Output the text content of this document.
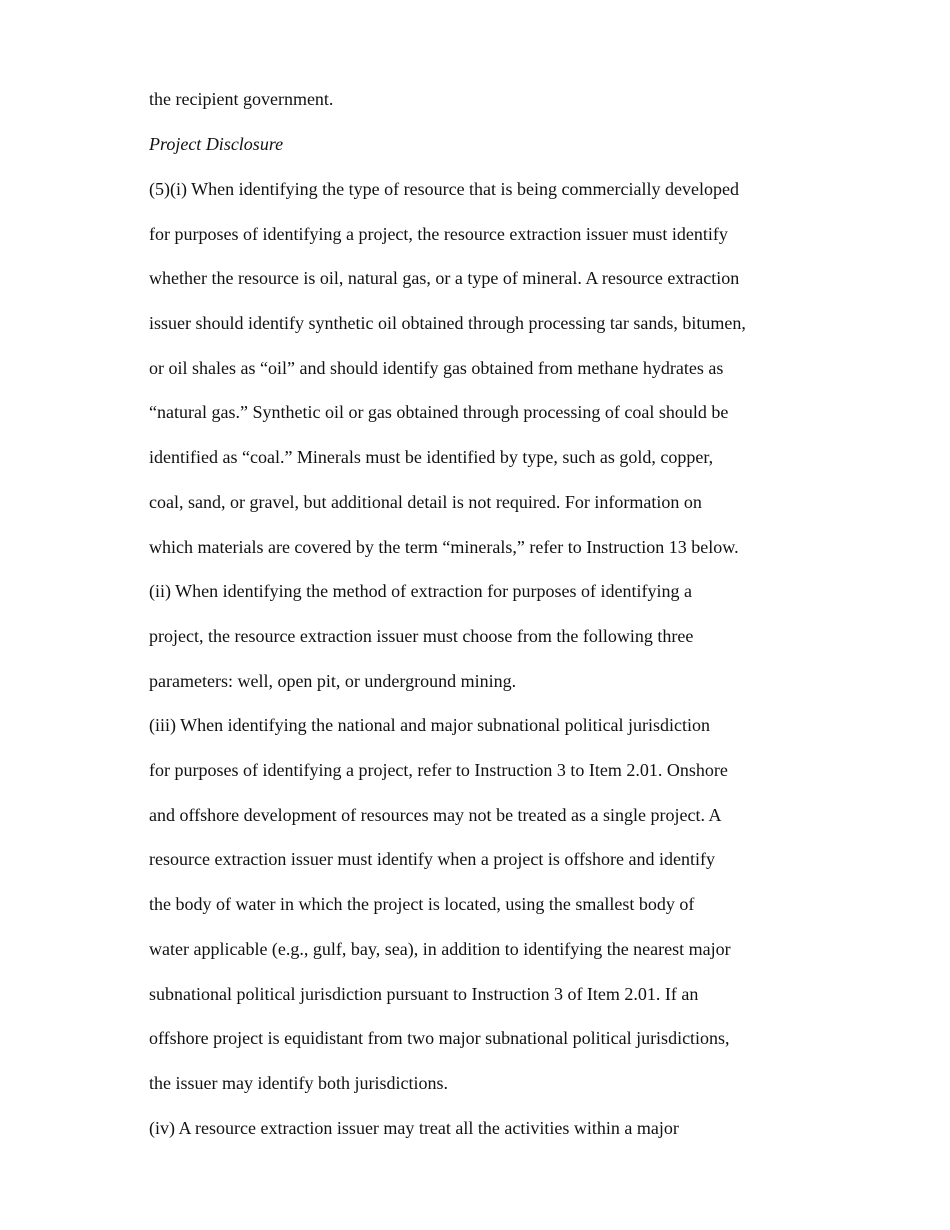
the recipient government.

Project Disclosure

(5)(i) When identifying the type of resource that is being commercially developed

for purposes of identifying a project, the resource extraction issuer must identify

whether the resource is oil, natural gas, or a type of mineral. A resource extraction

issuer should identify synthetic oil obtained through processing tar sands, bitumen,

or oil shales as “oil” and should identify gas obtained from methane hydrates as

“natural gas.” Synthetic oil or gas obtained through processing of coal should be

identified as “coal.” Minerals must be identified by type, such as gold, copper,

coal, sand, or gravel, but additional detail is not required. For information on

which materials are covered by the term “minerals,” refer to Instruction 13 below.

(ii) When identifying the method of extraction for purposes of identifying a

project, the resource extraction issuer must choose from the following three

parameters: well, open pit, or underground mining.

(iii) When identifying the national and major subnational political jurisdiction

for purposes of identifying a project, refer to Instruction 3 to Item 2.01. Onshore

and offshore development of resources may not be treated as a single project. A

resource extraction issuer must identify when a project is offshore and identify

the body of water in which the project is located, using the smallest body of

water applicable (e.g., gulf, bay, sea), in addition to identifying the nearest major

subnational political jurisdiction pursuant to Instruction 3 of Item 2.01. If an

offshore project is equidistant from two major subnational political jurisdictions,

the issuer may identify both jurisdictions.

(iv) A resource extraction issuer may treat all the activities within a major
